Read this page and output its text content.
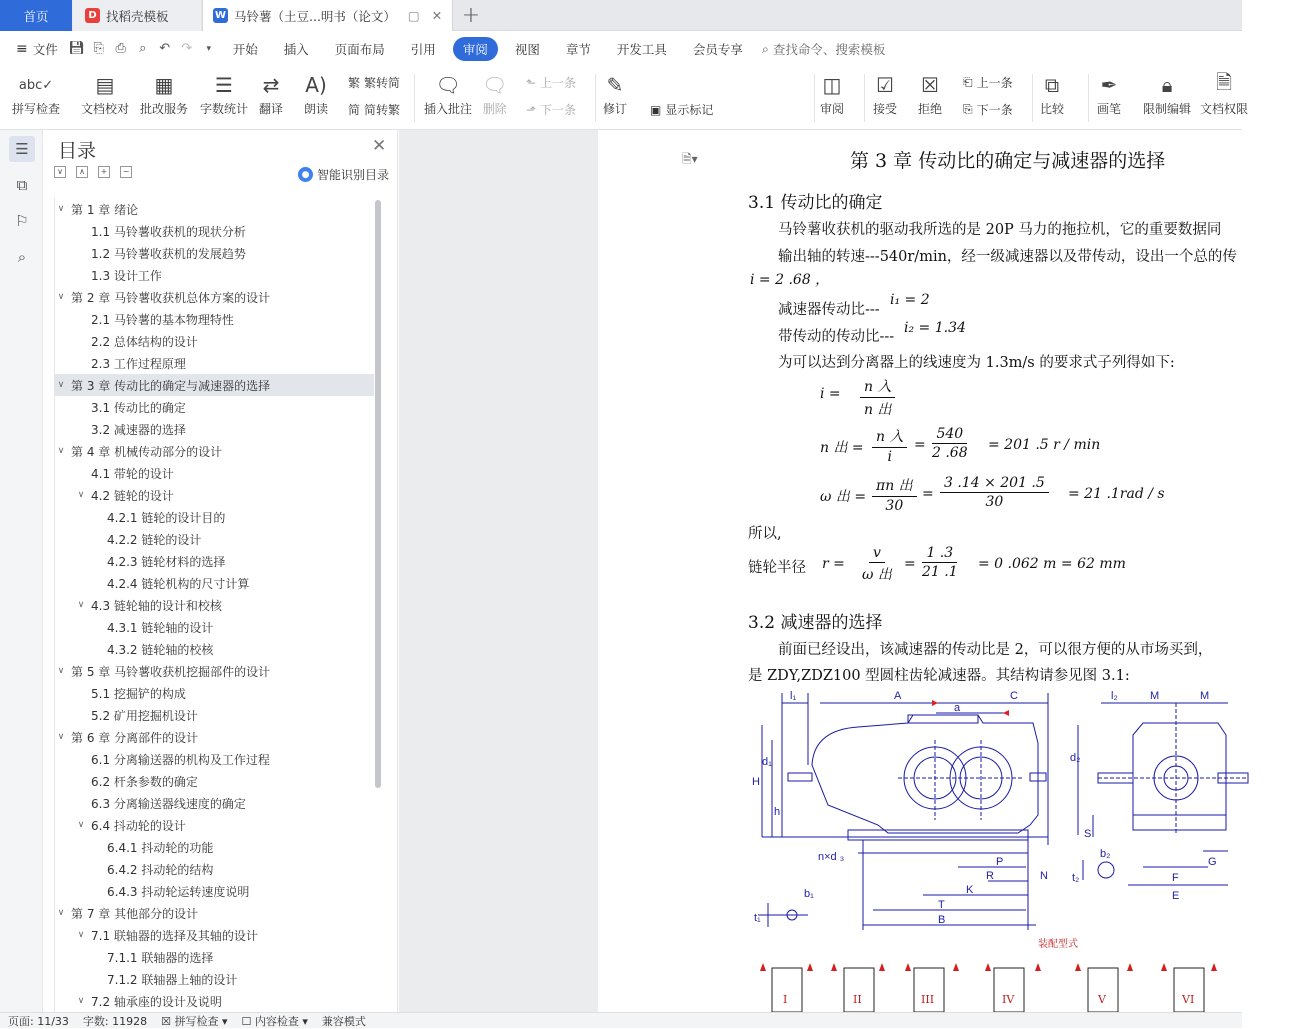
首页	D 找稻壳模板	W 马铃薯（土豆...明书（论文） ▢ ✕ +
≡ 文件 💾︎ ⎘ ⎙	⌕ ↶ ↷	▾	开始	插入	页面布局	引用	审阅	视图	章节	开发工具	会员专享	⌕ 查找命令、搜索模板
abc✓
拼写检查
▤
文档校对
▦
批改服务
☰
字数统计
⇄
翻译
A)
朗读
繁 繁转简
简 简转繁
🗨︎
插入批注
🗨︎
删除
⬑ 上一条
⬏ 下一条
✎
修订
▾ ▣ 显示标记
◫
审阅
☑
接受
☒
拒绝
⎗ 上一条
⎘ 下一条
⧉
比较
✒
画笔
🔒︎
限制编辑
🗎
文档权限
☰
⧉
⚐
⌕
目录	✕
∨	∧	+	−	● 智能识别目录
∨ 第 1 章 绪论
1.1 马铃薯收获机的现状分析
1.2 马铃薯收获机的发展趋势
1.3 设计工作
∨ 第 2 章 马铃薯收获机总体方案的设计
2.1 马铃薯的基本物理特性
2.2 总体结构的设计
2.3 工作过程原理
∨ 第 3 章 传动比的确定与减速器的选择
3.1 传动比的确定
3.2 减速器的选择
∨ 第 4 章 机械传动部分的设计
4.1 带轮的设计
∨ 4.2 链轮的设计
4.2.1 链轮的设计目的
4.2.2 链轮的设计
4.2.3 链轮材料的选择
4.2.4 链轮机构的尺寸计算
∨ 4.3 链轮轴的设计和校核
4.3.1 链轮轴的设计
4.3.2 链轮轴的校核
∨ 第 5 章 马铃薯收获机挖掘部件的设计
5.1 挖掘铲的构成
5.2 矿用挖掘机设计
∨ 第 6 章 分离部件的设计
6.1 分离输送器的机构及工作过程
6.2 杆条参数的确定
6.3 分离输送器线速度的确定
∨ 6.4 抖动轮的设计
6.4.1 抖动轮的功能
6.4.2 抖动轮的结构
6.4.3 抖动轮运转速度说明
∨ 第 7 章 其他部分的设计
∨ 7.1 联轴器的选择及其轴的设计
7.1.1 联轴器的选择
7.1.2 联轴器上轴的设计
∨ 7.2 轴承座的设计及说明
🗎▾	第 3 章 传动比的确定与减速器的选择
3.1 传动比的确定
马铃薯收获机的驱动我所选的是 20P 马力的拖拉机，它的重要数据同
输出轴的转速---540r/min，经一级减速器以及带传动，设出一个总的传
i = 2 .68 ，
减速器传动比---
i₁ = 2
带传动的传动比---
i₂ = 1.34
为可以达到分离器上的线速度为 1.3m/s 的要求式子列得如下:
i = n 入
n 出
n 出 =
n 入
i
= $\frac{540}{2 .68} = 201$ .5 r / min
ω 出 =
πn 出
30
= $\frac{3 .14 \times 201 .5}{30} = 21$ .1rad / s
所以,
链轮半径 r =
v
ω 出
= $\frac{1 .3}{21 .1} = 0$ .062 m = 62 mm
3.2 减速器的选择
前面已经设出，该减速器的传动比是 2，可以很方便的从市场买到，
是 ZDY,ZDZ100 型圆柱齿轮减速器。其结构请参见图 3.1:
l₁	A	C
a
l₂	M	M
H
d₁
h
d₂
S
n×d ₃	P
R
K
N
T
B
b₁
t₁
b₂
t₂
G
F
E
装配型式
I	II	III	IV	V	VI
页面: 11/33 字数: 11928 ☒ 拼写检查 ▾ ☐ 内容检查 ▾ 兼容模式
